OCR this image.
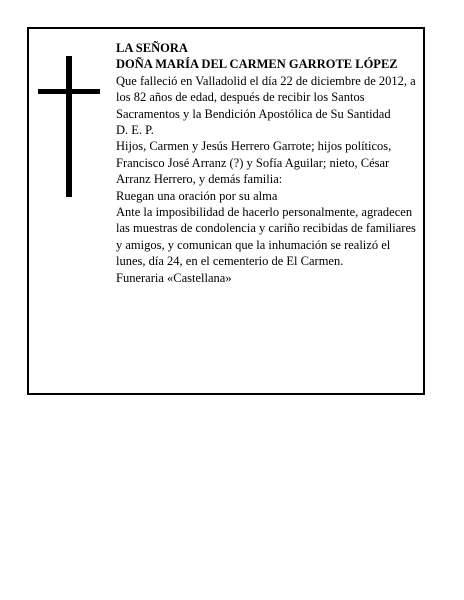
LA SEÑORA

DOÑA MARÍA DEL CARMEN GARROTE LÓPEZ

Que falleció en Valladolid el día 22 de diciembre de 2012, a los 82 años de edad, después de recibir los Santos Sacramentos y la Bendición Apostólica de Su Santidad

D. E. P.

Hijos, Carmen y Jesús Herrero Garrote; hijos políticos, Francisco José Arranz (?) y Sofía Aguilar; nieto, César Arranz Herrero, y demás familia:

Ruegan una oración por su alma

Ante la imposibilidad de hacerlo personalmente, agradecen las muestras de condolencia y cariño recibidas de familiares y amigos, y comunican que la inhumación se realizó el lunes, día 24, en el cementerio de El Carmen.

Funeraria «Castellana»
